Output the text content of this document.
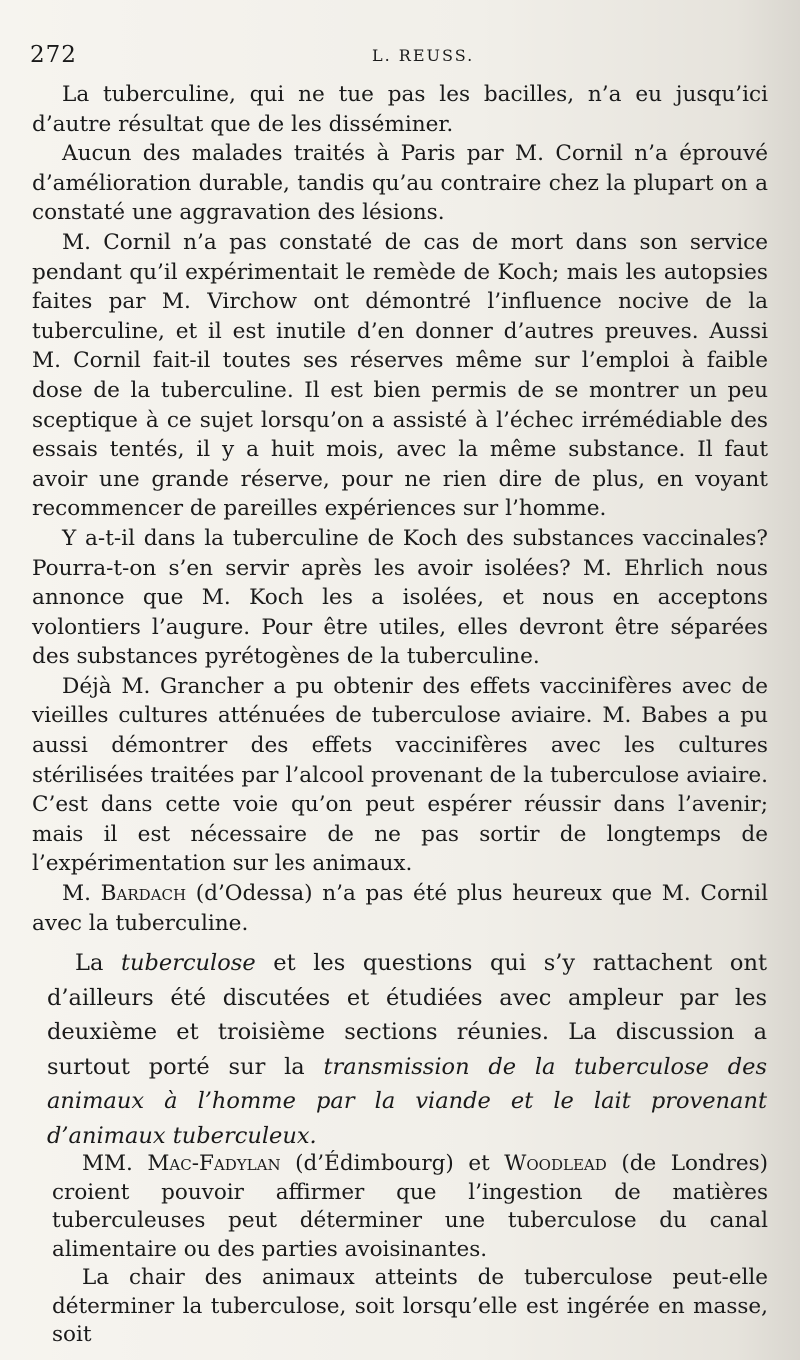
272	L. REUSS.

La tuberculine, qui ne tue pas les bacilles, n’a eu jusqu’ici d’autre résultat que de les disséminer.

Aucun des malades traités à Paris par M. Cornil n’a éprouvé d’amélioration durable, tandis qu’au contraire chez la plupart on a constaté une aggravation des lésions.

M. Cornil n’a pas constaté de cas de mort dans son service pendant qu’il expérimentait le remède de Koch; mais les autopsies faites par M. Virchow ont démontré l’influence nocive de la tuberculine, et il est inutile d’en donner d’autres preuves. Aussi M. Cornil fait-il toutes ses réserves même sur l’emploi à faible dose de la tuberculine. Il est bien permis de se montrer un peu sceptique à ce sujet lorsqu’on a assisté à l’échec irrémédiable des essais tentés, il y a huit mois, avec la même substance. Il faut avoir une grande réserve, pour ne rien dire de plus, en voyant recommencer de pareilles expériences sur l’homme.

Y a-t-il dans la tuberculine de Koch des substances vaccinales? Pourra-t-on s’en servir après les avoir isolées? M. Ehrlich nous annonce que M. Koch les a isolées, et nous en acceptons volontiers l’augure. Pour être utiles, elles devront être séparées des substances pyrétogènes de la tuberculine.

Déjà M. Grancher a pu obtenir des effets vaccinifères avec de vieilles cultures atténuées de tuberculose aviaire. M. Babes a pu aussi démontrer des effets vaccinifères avec les cultures stérilisées traitées par l’alcool provenant de la tuberculose aviaire. C’est dans cette voie qu’on peut espérer réussir dans l’avenir; mais il est nécessaire de ne pas sortir de longtemps de l’expérimentation sur les animaux.

M. Bardach (d’Odessa) n’a pas été plus heureux que M. Cornil avec la tuberculine.

La tuberculose et les questions qui s’y rattachent ont d’ailleurs été discutées et étudiées avec ampleur par les deuxième et troisième sections réunies. La discussion a surtout porté sur la transmission de la tuberculose des animaux à l’homme par la viande et le lait provenant d’animaux tuberculeux.

MM. Mac-Fadylan (d’Édimbourg) et Woodlead (de Londres) croient pouvoir affirmer que l’ingestion de matières tuberculeuses peut déterminer une tuberculose du canal alimentaire ou des parties avoisinantes.

La chair des animaux atteints de tuberculose peut-elle déterminer la tuberculose, soit lorsqu’elle est ingérée en masse, soit
